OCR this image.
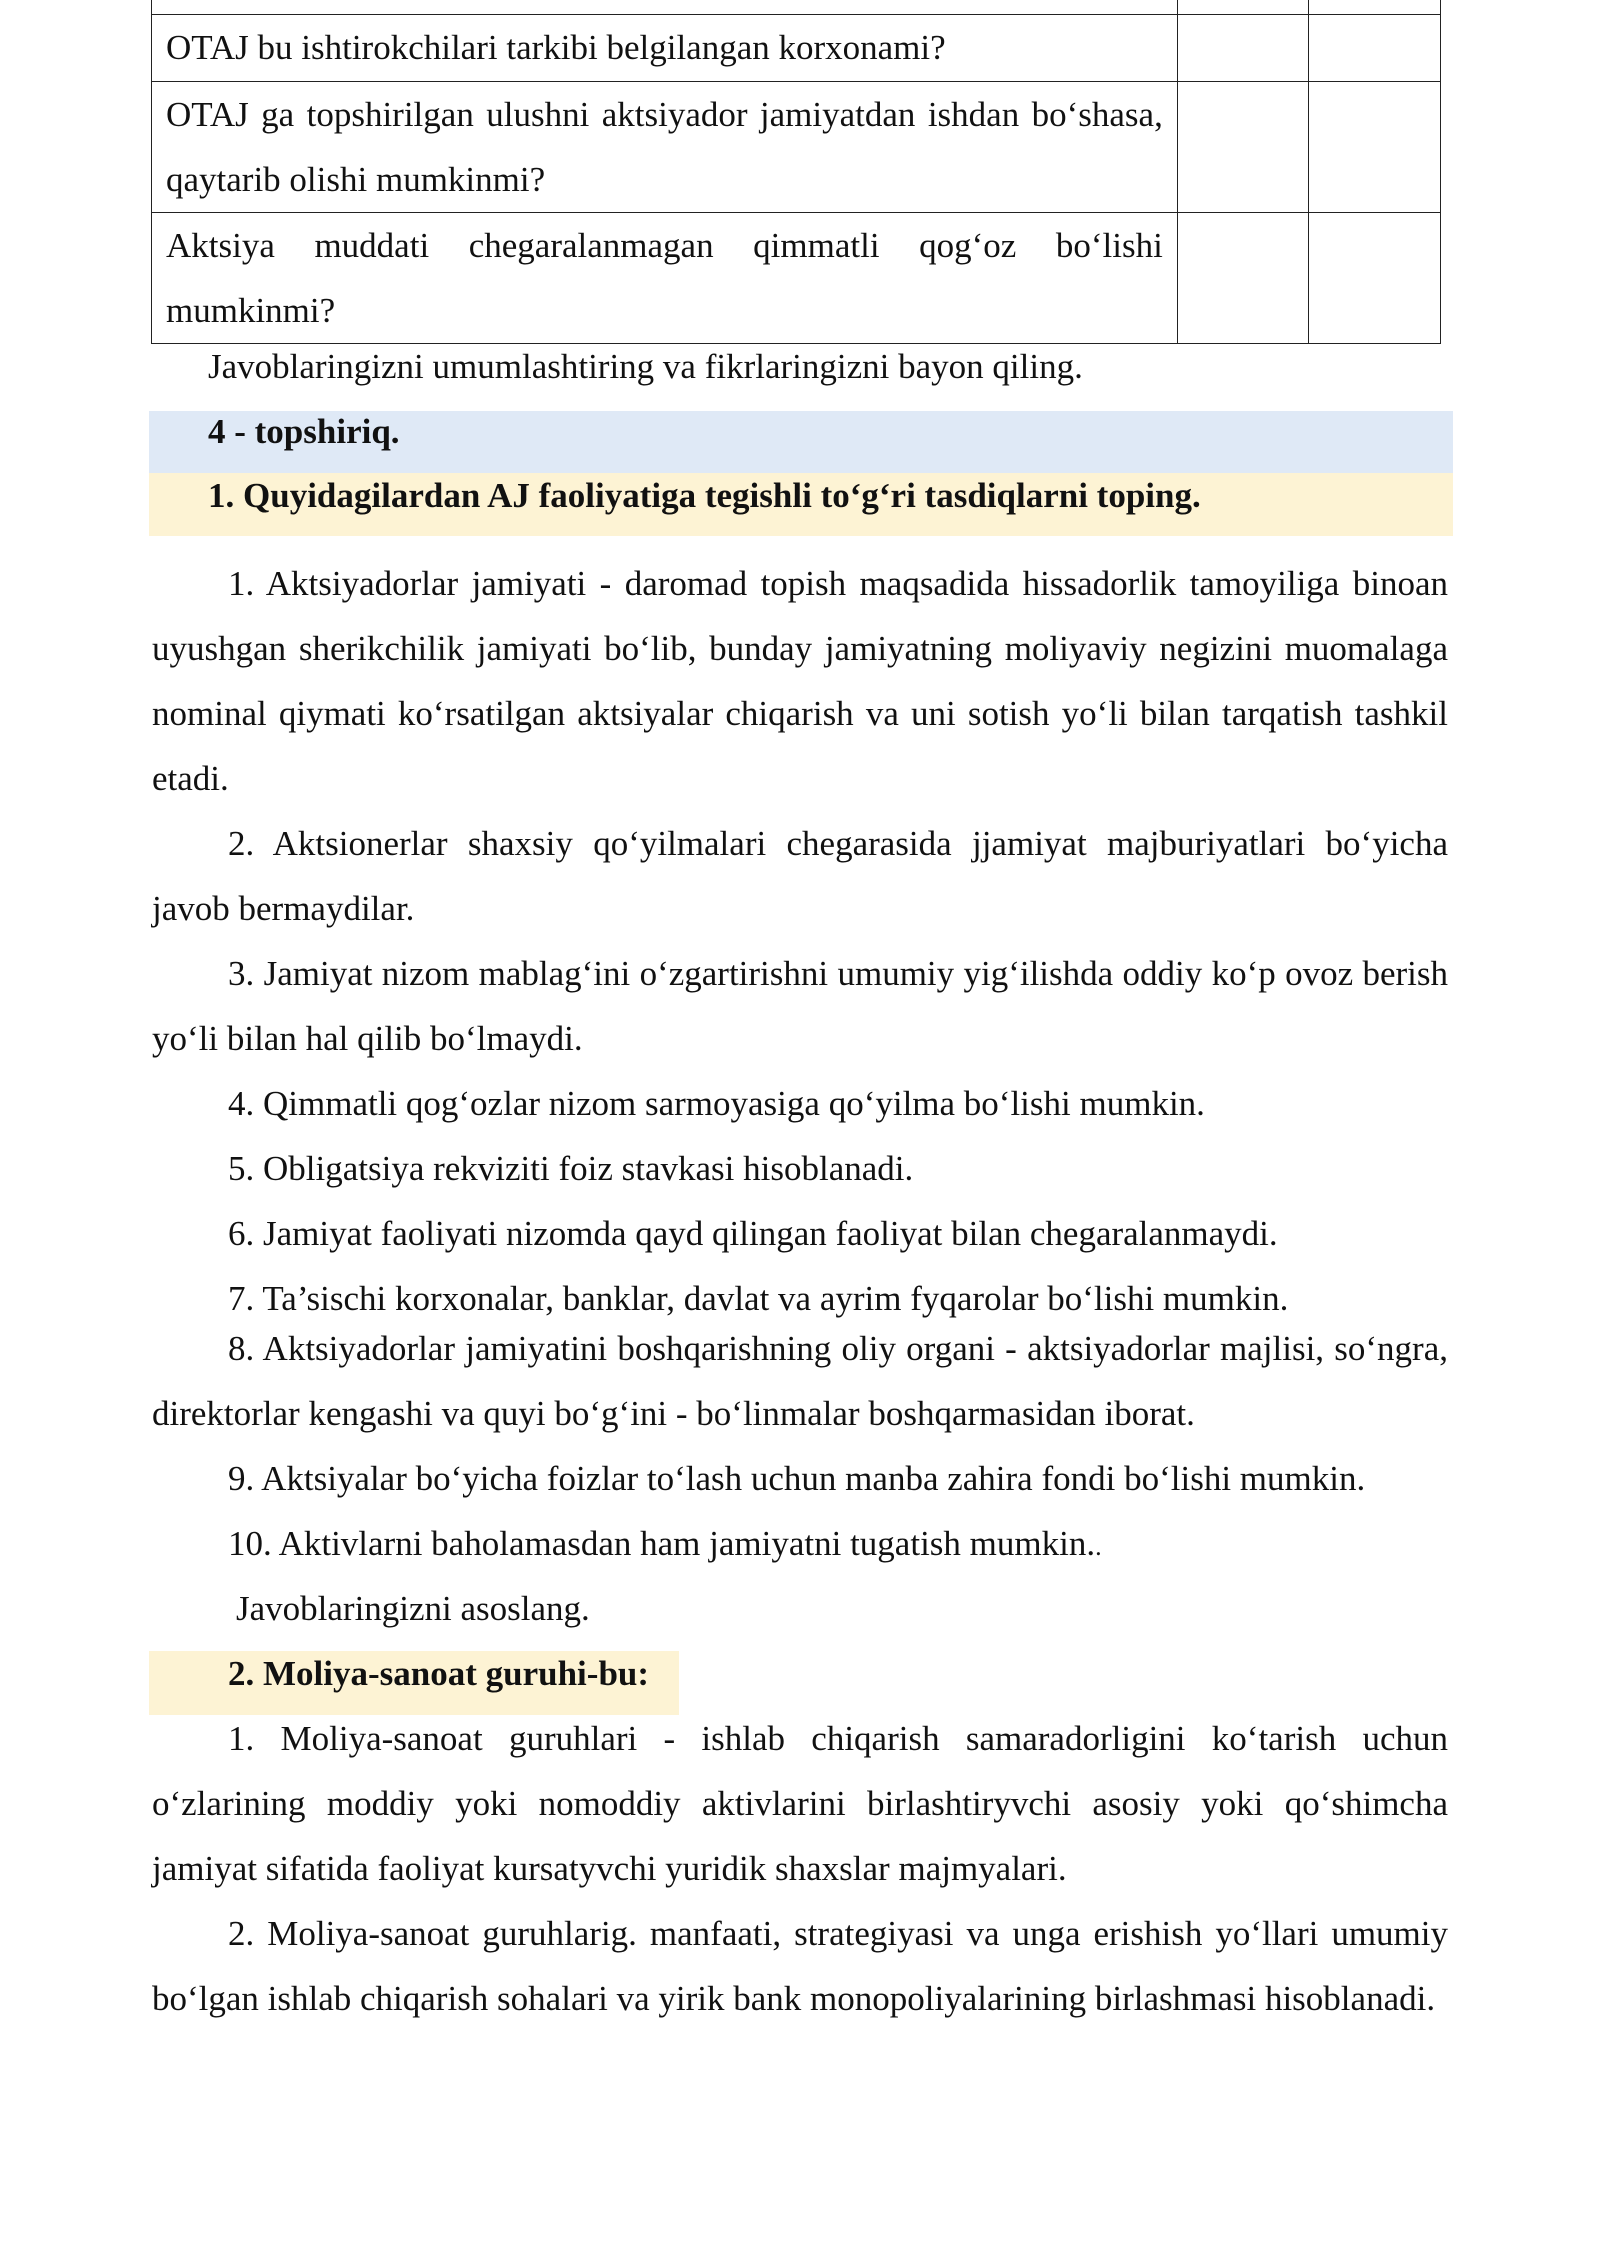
OTAJ bu ishtirokchilari tarkibi belgilangan korxonami?		
OTAJ ga topshirilgan ulushni aktsiyador jamiyatdan ishdan bo‘shasa, qaytarib olishi mumkinmi?		
Aktsiya muddati chegaralanmagan qimmatli qog‘oz bo‘lishi mumkinmi?		
Javoblaringizni umumlashtiring va fikrlaringizni bayon qiling.
4 - topshiriq.
1. Quyidagilardan AJ faoliyatiga tegishli to‘g‘ri tasdiqlarni toping.
1. Aktsiyadorlar jamiyati - daromad topish maqsadida hissadorlik tamoyiliga binoan uyushgan sherikchilik jamiyati bo‘lib, bunday jamiyatning moliyaviy negizini muomalaga nominal qiymati ko‘rsatilgan aktsiyalar chiqarish va uni sotish yo‘li bilan tarqatish tashkil etadi.
2. Aktsionerlar shaxsiy qo‘yilmalari chegarasida jjamiyat majburiyatlari bo‘yicha javob bermaydilar.
3. Jamiyat nizom mablag‘ini o‘zgartirishni umumiy yig‘ilishda oddiy ko‘p ovoz berish yo‘li bilan hal qilib bo‘lmaydi.
4. Qimmatli qog‘ozlar nizom sarmoyasiga qo‘yilma bo‘lishi mumkin.
5. Obligatsiya rekviziti foiz stavkasi hisoblanadi.
6. Jamiyat faoliyati nizomda qayd qilingan faoliyat bilan chegaralanmaydi.
7. Ta’sischi korxonalar, banklar, davlat va ayrim fyqarolar bo‘lishi mumkin.
8. Aktsiyadorlar jamiyatini boshqarishning oliy organi - aktsiyadorlar majlisi, so‘ngra, direktorlar kengashi va quyi bo‘g‘ini - bo‘linmalar boshqarmasidan iborat.
9. Aktsiyalar bo‘yicha foizlar to‘lash uchun manba zahira fondi bo‘lishi mumkin.
10. Aktivlarni baholamasdan ham jamiyatni tugatish mumkin..
Javoblaringizni asoslang.
2. Moliya-sanoat guruhi-bu:
1. Moliya-sanoat guruhlari - ishlab chiqarish samaradorligini ko‘tarish uchun o‘zlarining moddiy yoki nomoddiy aktivlarini birlashtiryvchi asosiy yoki qo‘shimcha jamiyat sifatida faoliyat kursatyvchi yuridik shaxslar majmyalari.
2. Moliya-sanoat guruhlarig. manfaati, strategiyasi va unga erishish yo‘llari umumiy bo‘lgan ishlab chiqarish sohalari va yirik bank monopoliyalarining birlashmasi hisoblanadi.
